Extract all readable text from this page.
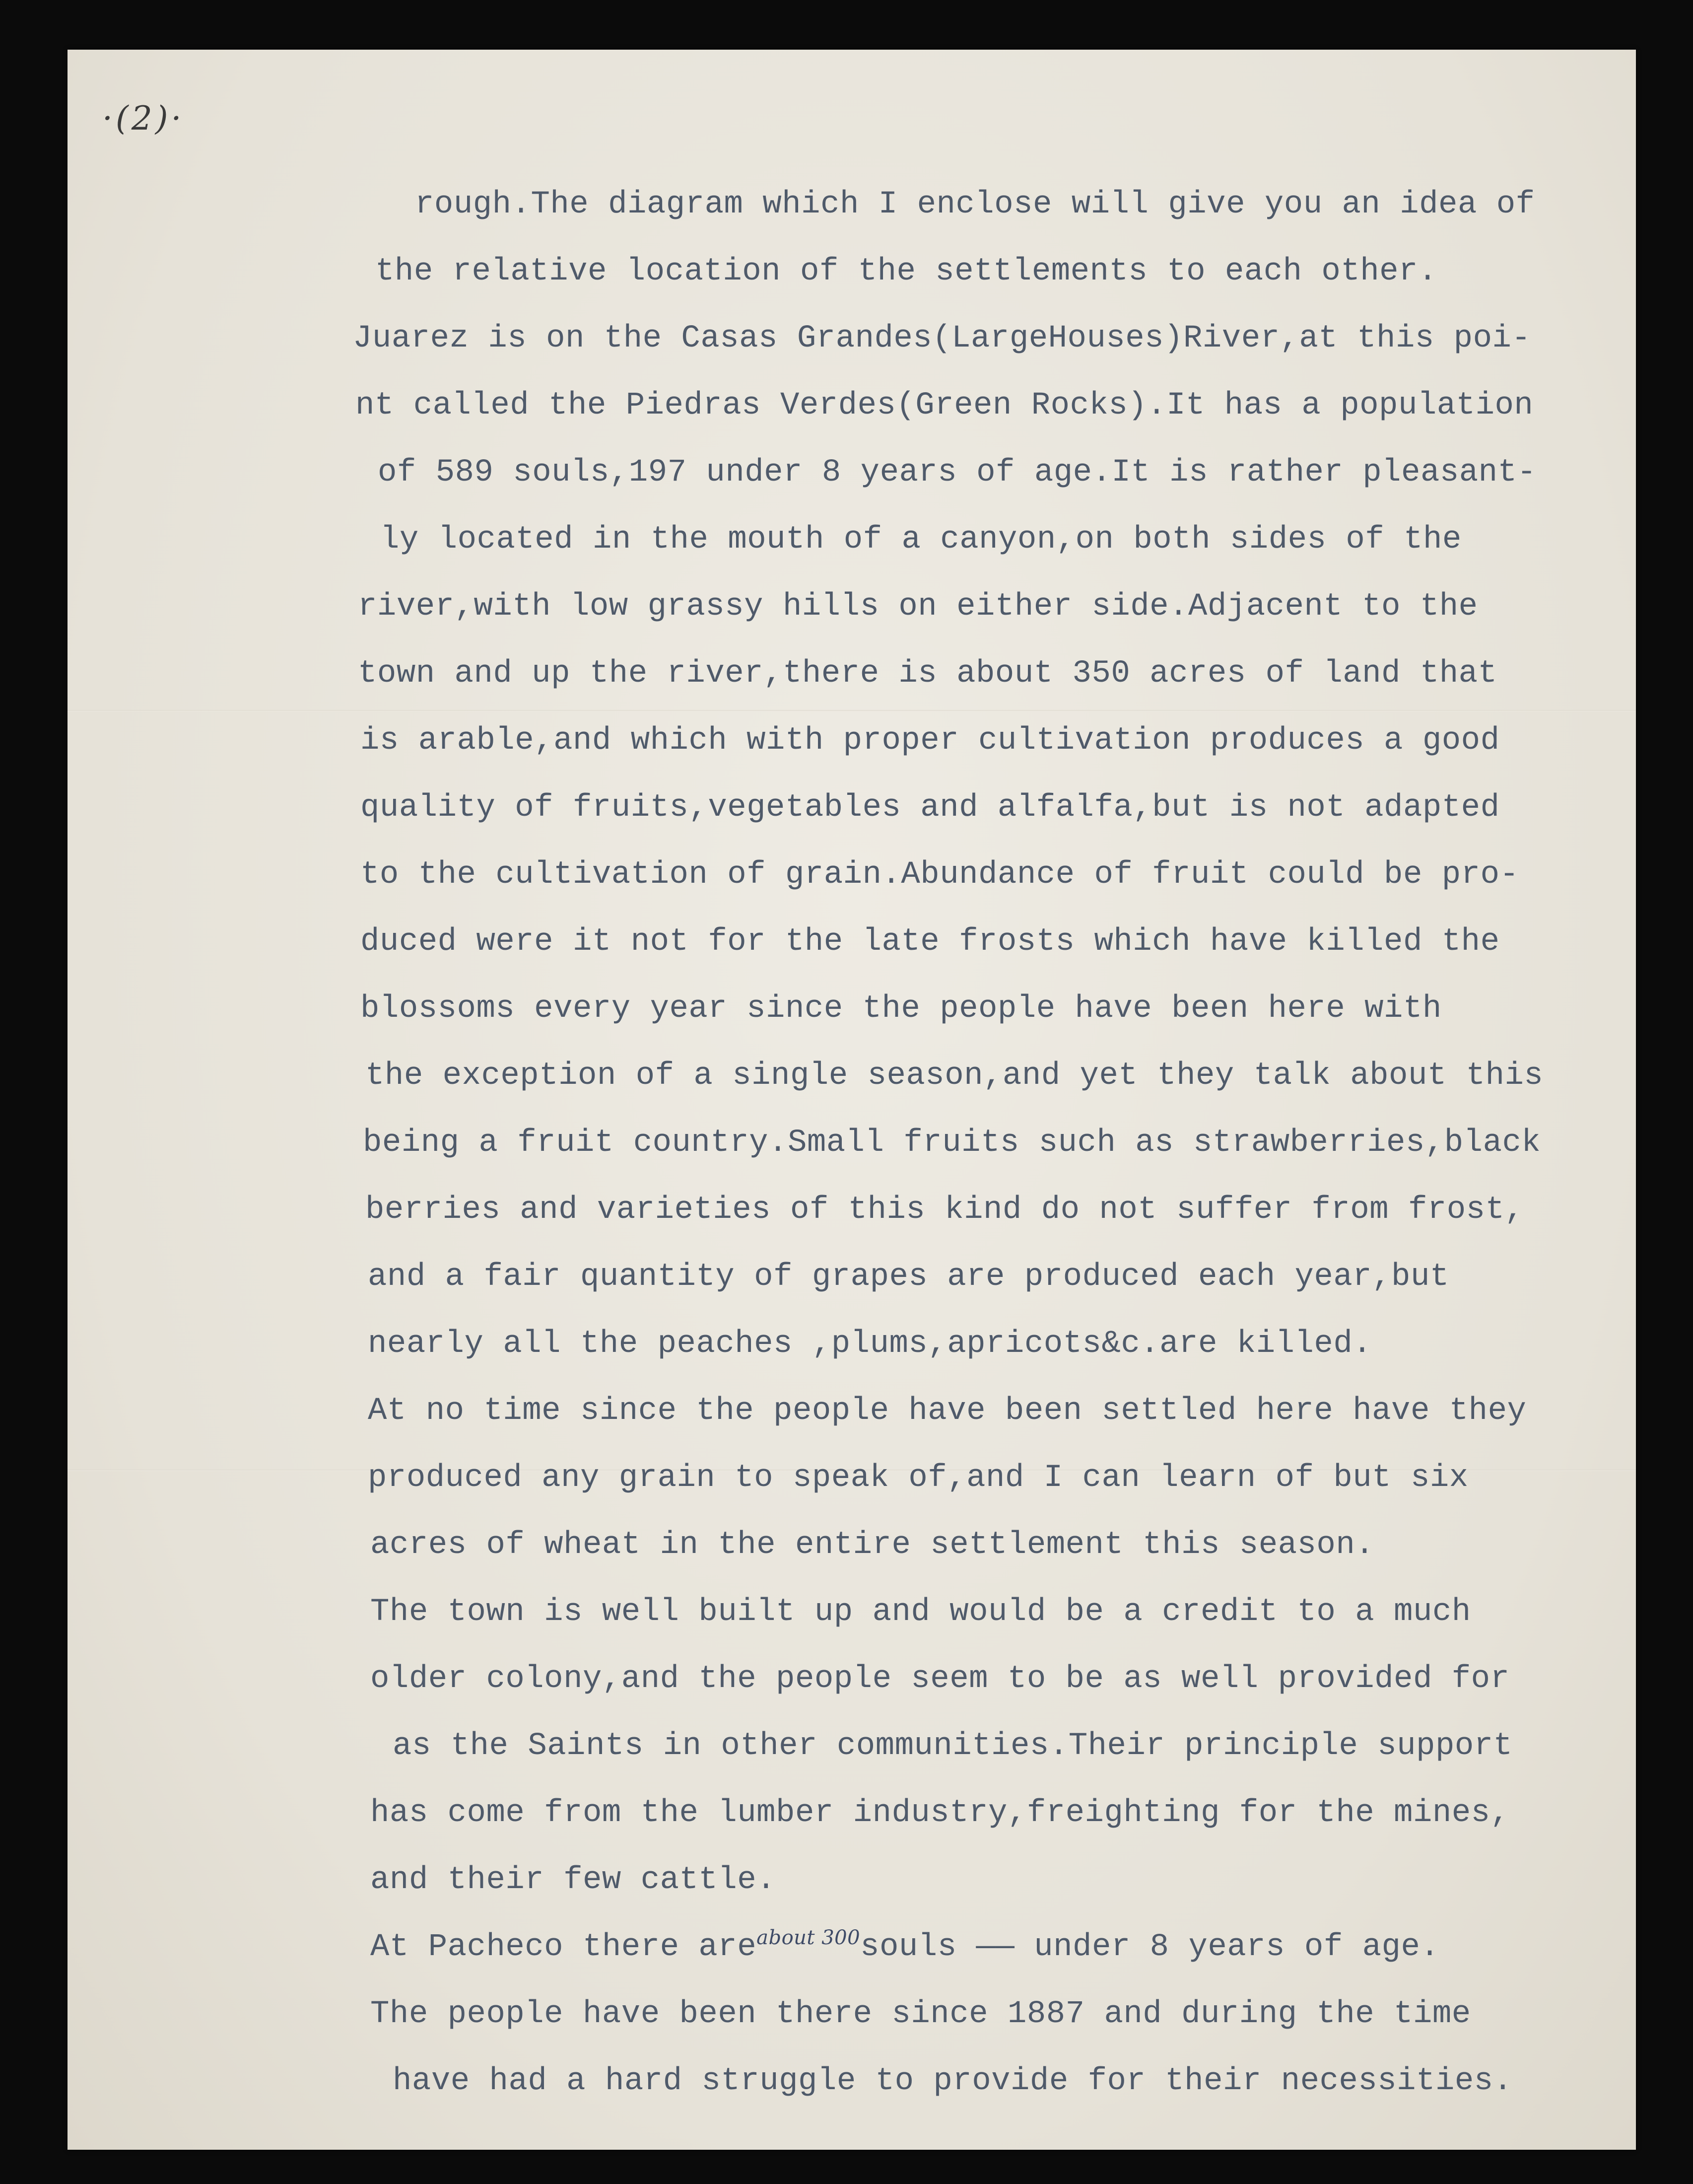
·(2)·
rough.The diagram which I enclose will give you an idea of
the relative location of the settlements to each other.
Juarez is on the Casas Grandes(LargeHouses)River,at this poi-
nt called the Piedras Verdes(Green Rocks).It has a population
of 589 souls,197 under 8 years of age.It is rather pleasant-
ly located in the mouth of a canyon,on both sides of the
river,with low grassy hills on either side.Adjacent to the
town and up the river,there is about 350 acres of land that
is arable,and which with proper cultivation produces a good
quality of fruits,vegetables and alfalfa,but is not adapted
to the cultivation of grain.Abundance of fruit could be pro-
duced were it not for the late frosts which have killed the
blossoms every year since the people have been here with
the exception of a single season,and yet they talk about this
being a fruit country.Small fruits such as strawberries,black
berries and varieties of this kind do not suffer from frost,
and a fair quantity of grapes are produced each year,but
nearly all the peaches ,plums,apricots&c.are killed.
At no time since the people have been settled here have they
produced any grain to speak of,and I can learn of but six
acres of wheat in the entire settlement this season.
The town is well built up and would be a credit to a much
older colony,and the people seem to be as well provided for
as the Saints in other communities.Their principle support
has come from the lumber industry,freighting for the mines,
and their few cattle.
At Pacheco there are$^{about 300}$souls —— under 8 years of age.
The people have been there since 1887 and during the time
have had a hard struggle to provide for their necessities.
